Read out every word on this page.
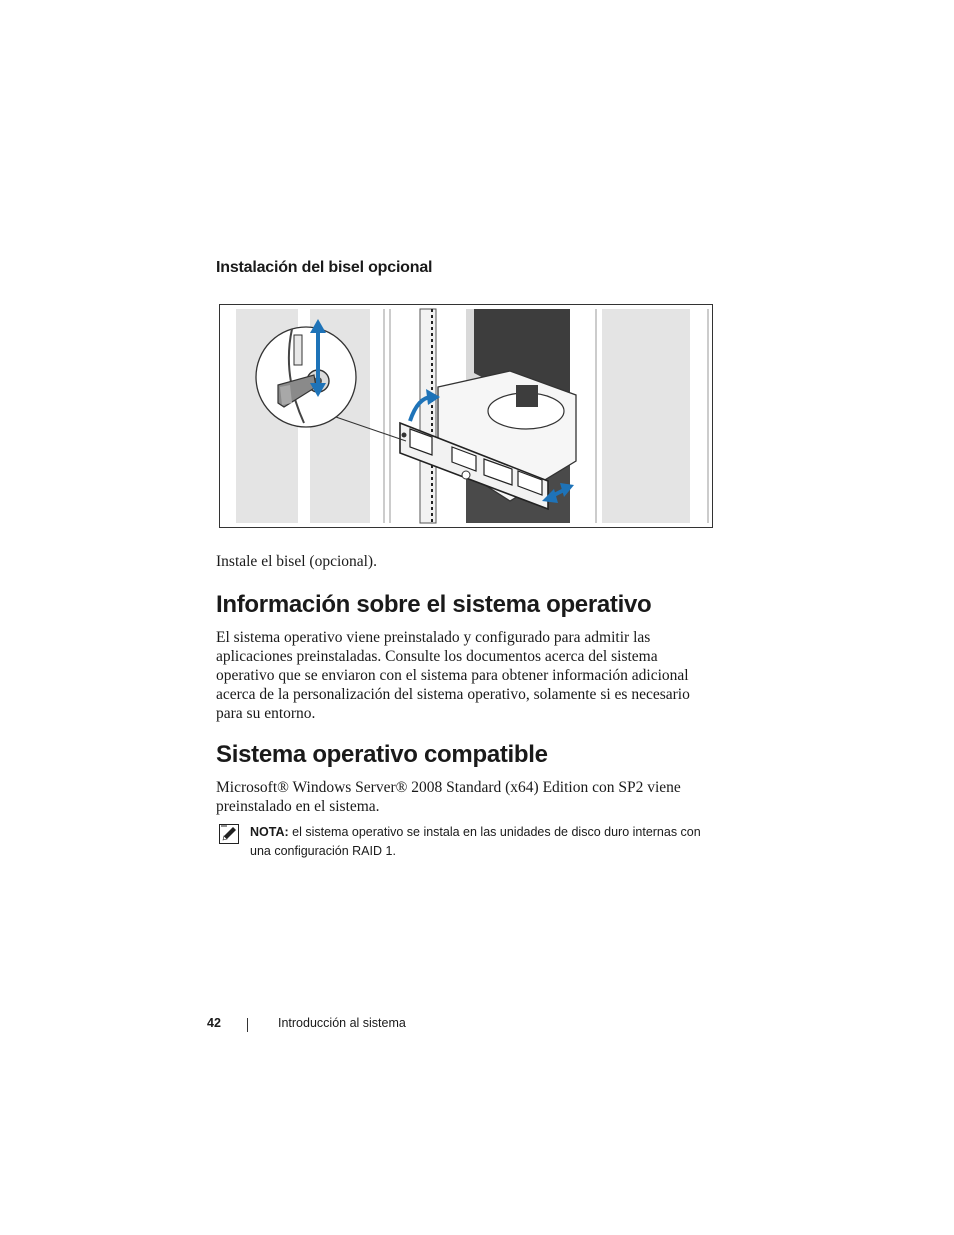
Instalación del bisel opcional
Instale el bisel (opcional).
Información sobre el sistema operativo

El sistema operativo viene preinstalado y configurado para admitir las aplicaciones preinstaladas. Consulte los documentos acerca del sistema operativo que se enviaron con el sistema para obtener información adicional acerca de la personalización del sistema operativo, solamente si es necesario para su entorno.

Sistema operativo compatible

Microsoft® Windows Server® 2008 Standard (x64) Edition con SP2 viene preinstalado en el sistema.

NOTA: el sistema operativo se instala en las unidades de disco duro internas con una configuración RAID 1.
42	Introducción al sistema
